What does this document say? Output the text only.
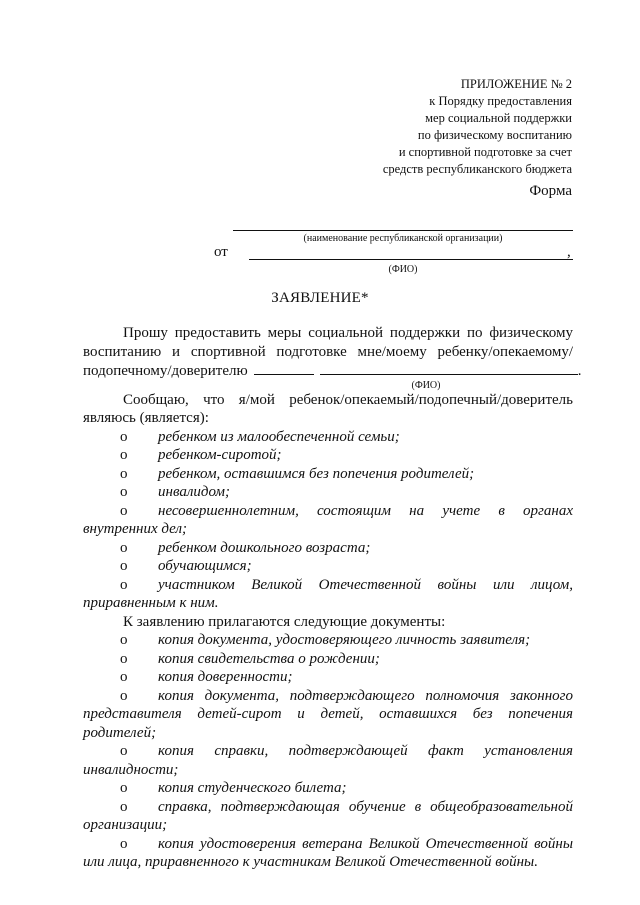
ПРИЛОЖЕНИЕ № 2
к Порядку предоставления
мер социальной поддержки
по физическому воспитанию
и спортивной подготовке за счет
средств республиканского бюджета
Форма
(наименование республиканской организации)
от	,
(ФИО)
ЗАЯВЛЕНИЕ*

Прошу предоставить меры социальной поддержки по физическому воспитанию и спортивной подготовке мне/моему ребенку/опекаемому/

подопечному/доверителю	.
(ФИО)

Сообщаю, что я/мой ребенок/опекаемый/подопечный/доверитель являюсь (является):

o	ребенком из малообеспеченной семьи;
o	ребенком-сиротой;
o	ребенком, оставшимся без попечения родителей;
o	инвалидом;
o	несовершеннолетним, состоящим на учете в органах внутренних дел;
o	ребенком дошкольного возраста;
o	обучающимся;
o	участником Великой Отечественной войны или лицом, приравненным к ним.

К заявлению прилагаются следующие документы:

o	копия документа, удостоверяющего личность заявителя;
o	копия свидетельства о рождении;
o	копия доверенности;
o	копия документа, подтверждающего полномочия законного представителя детей-сирот и детей, оставшихся без попечения родителей;
o	копия справки, подтверждающей факт установления инвалидности;
o	копия студенческого билета;
o	справка, подтверждающая обучение в общеобразовательной организации;
o	копия удостоверения ветерана Великой Отечественной войны или лица, приравненного к участникам Великой Отечественной войны.
